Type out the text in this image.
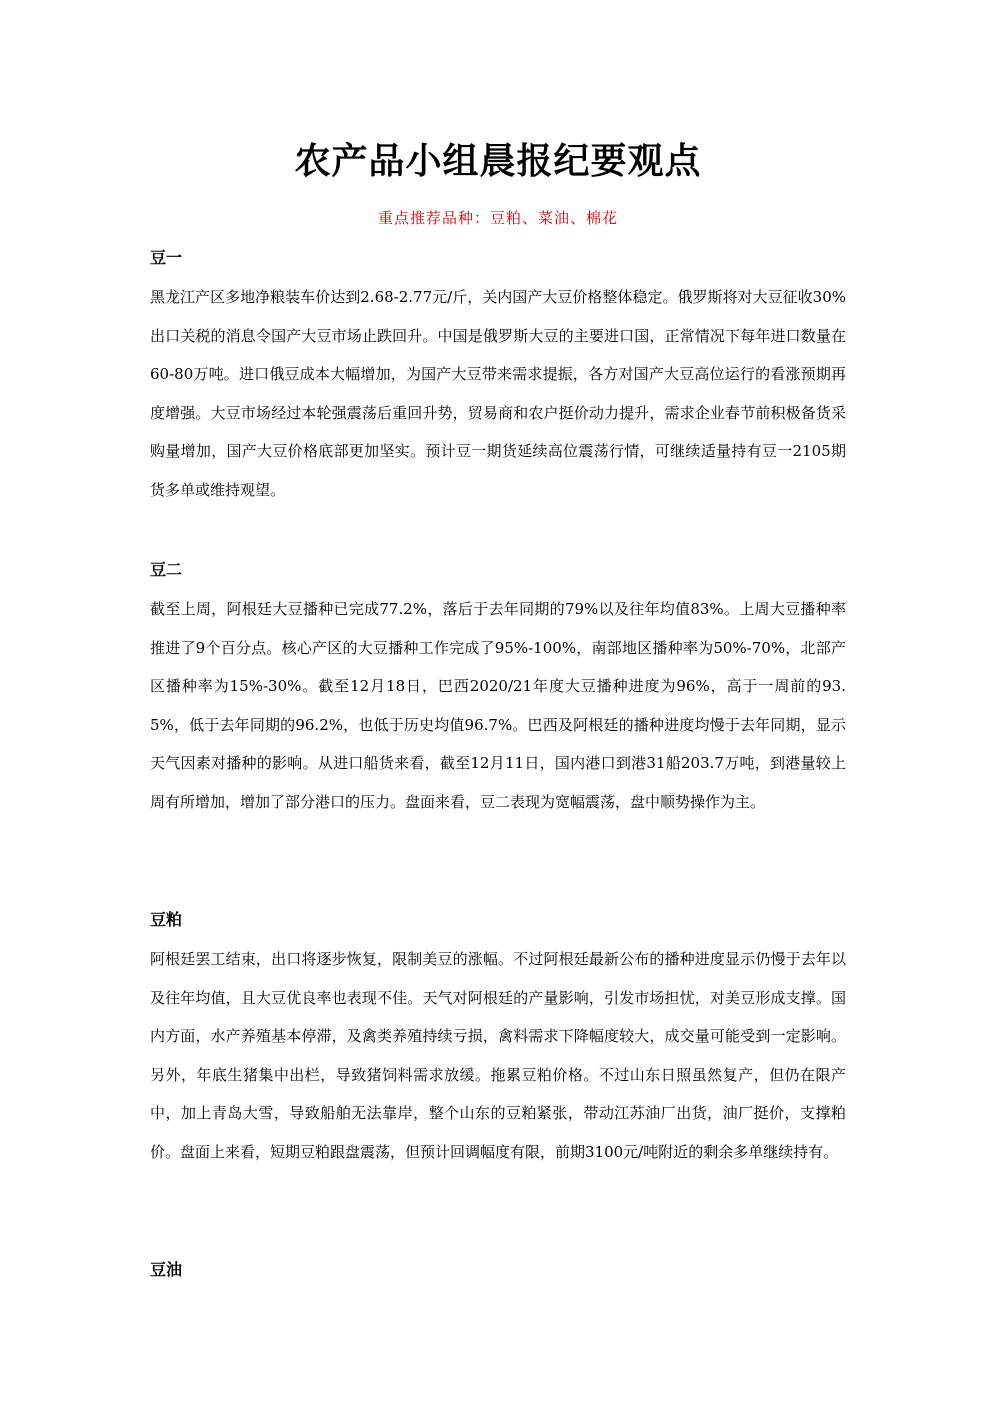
农产品小组晨报纪要观点
重点推荐品种：豆粕、菜油、棉花
豆一

黑龙江产区多地净粮装车价达到2.68-2.77元/斤，关内国产大豆价格整体稳定。俄罗斯将对大豆征收30%出口关税的消息令国产大豆市场止跌回升。中国是俄罗斯大豆的主要进口国，正常情况下每年进口数量在60-80万吨。进口俄豆成本大幅增加，为国产大豆带来需求提振，各方对国产大豆高位运行的看涨预期再度增强。大豆市场经过本轮强震荡后重回升势，贸易商和农户挺价动力提升，需求企业春节前积极备货采购量增加，国产大豆价格底部更加坚实。预计豆一期货延续高位震荡行情，可继续适量持有豆一2105期货多单或维持观望。

豆二

截至上周，阿根廷大豆播种已完成77.2%，落后于去年同期的79%以及往年均值83%。上周大豆播种率推进了9个百分点。核心产区的大豆播种工作完成了95%-100%，南部地区播种率为50%-70%，北部产区播种率为15%-30%。截至12月18日，巴西2020/21年度大豆播种进度为96%，高于一周前的93.5%，低于去年同期的96.2%，也低于历史均值96.7%。巴西及阿根廷的播种进度均慢于去年同期，显示天气因素对播种的影响。从进口船货来看，截至12月11日，国内港口到港31船203.7万吨，到港量较上周有所增加，增加了部分港口的压力。盘面来看，豆二表现为宽幅震荡，盘中顺势操作为主。

豆粕

阿根廷罢工结束，出口将逐步恢复，限制美豆的涨幅。不过阿根廷最新公布的播种进度显示仍慢于去年以及往年均值，且大豆优良率也表现不佳。天气对阿根廷的产量影响，引发市场担忧，对美豆形成支撑。国内方面，水产养殖基本停滞，及禽类养殖持续亏损，禽料需求下降幅度较大，成交量可能受到一定影响。另外，年底生猪集中出栏，导致猪饲料需求放缓。拖累豆粕价格。不过山东日照虽然复产，但仍在限产中，加上青岛大雪，导致船舶无法靠岸，整个山东的豆粕紧张，带动江苏油厂出货，油厂挺价，支撑粕价。盘面上来看，短期豆粕跟盘震荡，但预计回调幅度有限，前期3100元/吨附近的剩余多单继续持有。

豆油
